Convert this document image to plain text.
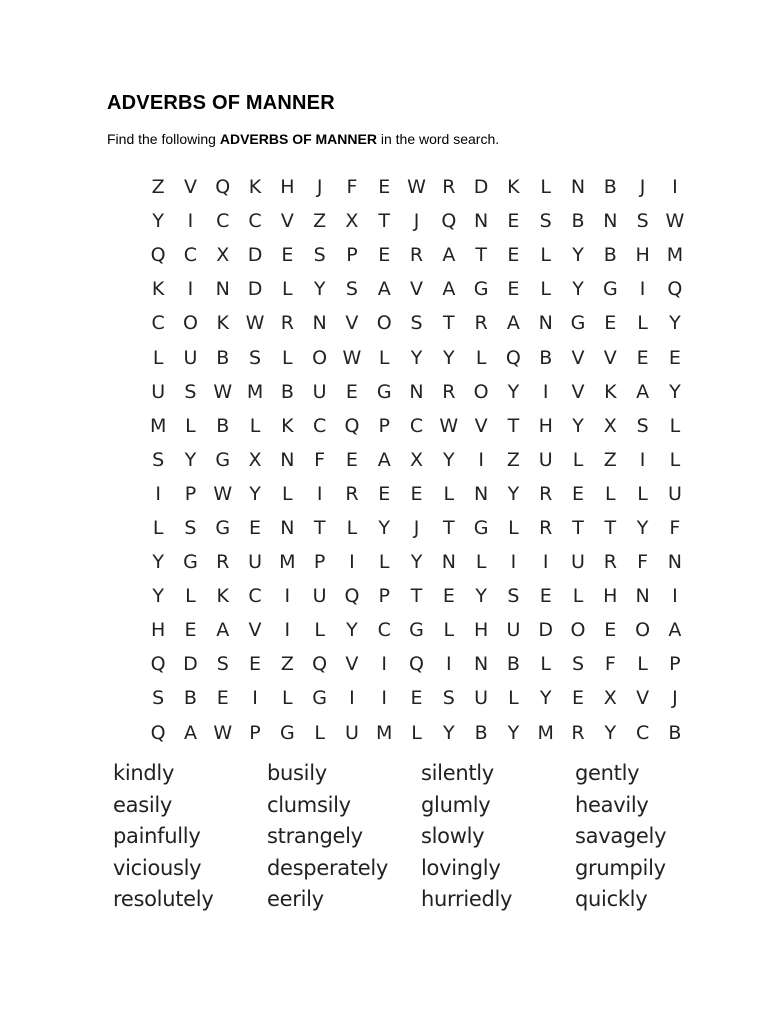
ADVERBS OF MANNER
Find the following ADVERBS OF MANNER in the word search.
Z	V Q K H	J	F	E W R D K	L	N B	J	I
Y	I	C	C	V	Z	X	T	J	Q N	E	S	B N	S W
Q C	X D E	S	P	E	R	A	T	E	L	Y	B H M
K	I	N D	L	Y	S	A	V	A G E	L	Y	G	I	Q
C O K W R N V O S	T	R	A N G E	L	Y
L	U B	S	L	O W L	Y	Y	L	Q B	V	V	E	E
U	S W M B U	E G N R O	Y	I	V	K	A	Y
M L	B	L	K	C Q	P	C W V	T	H	Y	X	S	L
S	Y	G X N	F	E	A	X	Y	I	Z U	L	Z	I	L
I	P W Y	L	I	R	E	E	L	N	Y	R	E	L	L	U
L	S G E	N	T	L	Y	J	T	G	L	R	T	T	Y	F
Y	G R U M P	I	L	Y	N	L	I	I	U R	F	N
Y	L	K	C	I	U Q	P	T	E	Y	S	E	L	H N	I
H	E	A	V	I	L	Y	C G	L	H U D O E O A
Q D S	E	Z Q V	I	Q	I	N B	L	S	F	L	P
S	B	E	I	L	G	I	I	E	S	U	L	Y	E	X	V	J
Q A W P	G	L	U M L	Y	B	Y M R	Y	C	B
kindly	busily	silently	gently
easily	clumsily	glumly	heavily
painfully	strangely	slowly	savagely
viciously	desperately	lovingly	grumpily
resolutely	eerily	hurriedly	quickly
